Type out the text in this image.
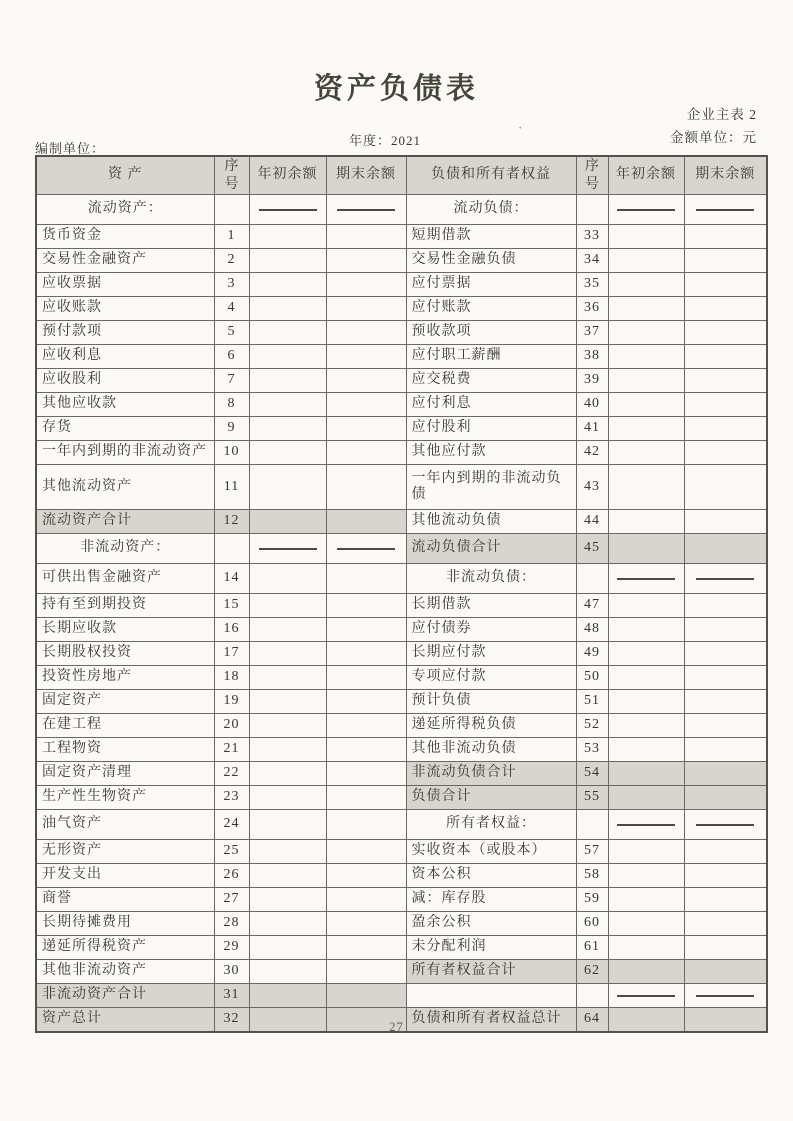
资产负债表
企业主表 2
金额单位：元
编制单位：
年度：2021
·
资 产	序号	年初余额	期末余额	负债和所有者权益	序号	年初余额	期末余额
流动资产：				流动负债：		

货币资金	1			短期借款	33		
交易性金融资产	2			交易性金融负债	34		
应收票据	3			应付票据	35		
应收账款	4			应付账款	36		
预付款项	5			预收款项	37		
应收利息	6			应付职工薪酬	38		
应收股利	7			应交税费	39		
其他应收款	8			应付利息	40		
存货	9			应付股利	41		
一年内到期的非流动资产	10			其他应付款	42		
其他流动资产	11			一年内到期的非流动负债	43		
流动资产合计	12			其他流动负债	44		
非流动资产：				流动负债合计	45		
可供出售金融资产	14			非流动负债：		

持有至到期投资	15			长期借款	47		
长期应收款	16			应付债券	48		
长期股权投资	17			长期应付款	49		
投资性房地产	18			专项应付款	50		
固定资产	19			预计负债	51		
在建工程	20			递延所得税负债	52		
工程物资	21			其他非流动负债	53		
固定资产清理	22			非流动负债合计	54		
生产性生物资产	23			负债合计	55		
油气资产	24			所有者权益：		

无形资产	25			实收资本（或股本）	57		
开发支出	26			资本公积	58		
商誉	27			减：库存股	59		
长期待摊费用	28			盈余公积	60		
递延所得税资产	29			未分配利润	61		
其他非流动资产	30			所有者权益合计	62		
非流动资产合计	31					

资产总计	32			负债和所有者权益总计	64		
27
